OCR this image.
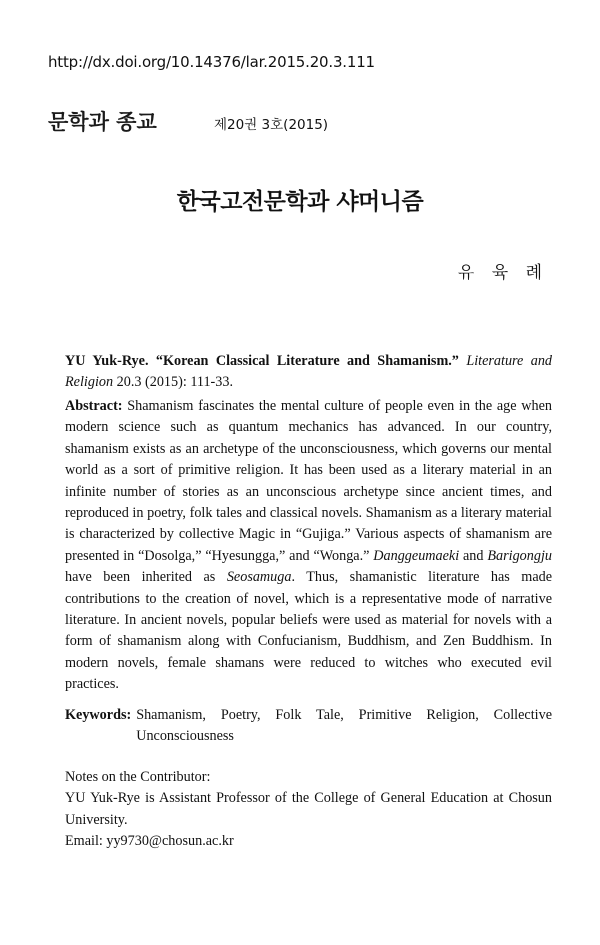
http://dx.doi.org/10.14376/lar.2015.20.3.111
문학과 종교	제20권 3호(2015)
한국고전문학과 샤머니즘
유 육 례
YU Yuk-Rye. “Korean Classical Literature and Shamanism.” Literature and Religion 20.3 (2015): 111-33.
Abstract: Shamanism fascinates the mental culture of people even in the age when modern science such as quantum mechanics has advanced. In our country, shamanism exists as an archetype of the unconsciousness, which governs our mental world as a sort of primitive religion. It has been used as a literary material in an infinite number of stories as an unconscious archetype since ancient times, and reproduced in poetry, folk tales and classical novels. Shamanism as a literary material is characterized by collective Magic in “Gujiga.” Various aspects of shamanism are presented in “Dosolga,” “Hyesungga,” and “Wonga.” Danggeumaeki and Barigongju have been inherited as Seosamuga. Thus, shamanistic literature has made contributions to the creation of novel, which is a representative mode of narrative literature. In ancient novels, popular beliefs were used as material for novels with a form of shamanism along with Confucianism, Buddhism, and Zen Buddhism. In modern novels, female shamans were reduced to witches who executed evil practices.
Keywords: Shamanism, Poetry, Folk Tale, Primitive Religion, Collective Unconsciousness

Notes on the Contributor:

YU Yuk-Rye is Assistant Professor of the College of General Education at Chosun University.

Email: yy9730@chosun.ac.kr
